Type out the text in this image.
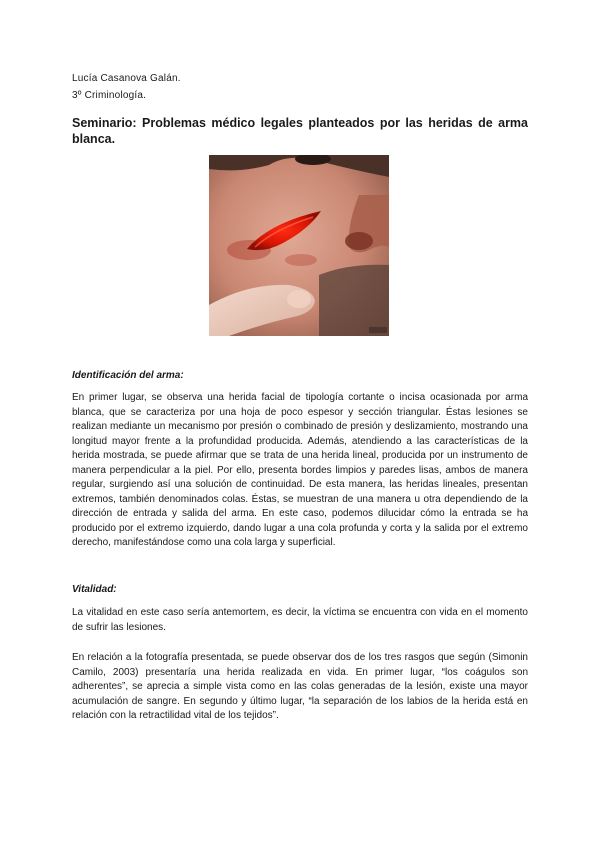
Lucía Casanova Galán.
3º Criminología.
Seminario: Problemas médico legales planteados por las heridas de arma blanca.
Identificación del arma:
En primer lugar, se observa una herida facial de tipología cortante o incisa ocasionada por arma blanca, que se caracteriza por una hoja de poco espesor y sección triangular. Éstas lesiones se realizan mediante un mecanismo por presión o combinado de presión y deslizamiento, mostrando una longitud mayor frente a la profundidad producida. Además, atendiendo a las características de la herida mostrada, se puede afirmar que se trata de una herida lineal, producida por un instrumento de manera perpendicular a la piel. Por ello, presenta bordes limpios y paredes lisas, ambos de manera regular, surgiendo así una solución de continuidad. De esta manera, las heridas lineales, presentan extremos, también denominados colas. Éstas, se muestran de una manera u otra dependiendo de la dirección de entrada y salida del arma. En este caso, podemos dilucidar cómo la entrada se ha producido por el extremo izquierdo, dando lugar a una cola profunda y corta y la salida por el extremo derecho, manifestándose como una cola larga y superficial.
Vitalidad:
La vitalidad en este caso sería antemortem, es decir, la víctima se encuentra con vida en el momento de sufrir las lesiones.
En relación a la fotografía presentada, se puede observar dos de los tres rasgos que según (Simonin Camilo, 2003) presentaría una herida realizada en vida. En primer lugar, “los coágulos son adherentes”, se aprecia a simple vista como en las colas generadas de la lesión, existe una mayor acumulación de sangre. En segundo y último lugar, “la separación de los labios de la herida está en relación con la retractilidad vital de los tejidos”.
